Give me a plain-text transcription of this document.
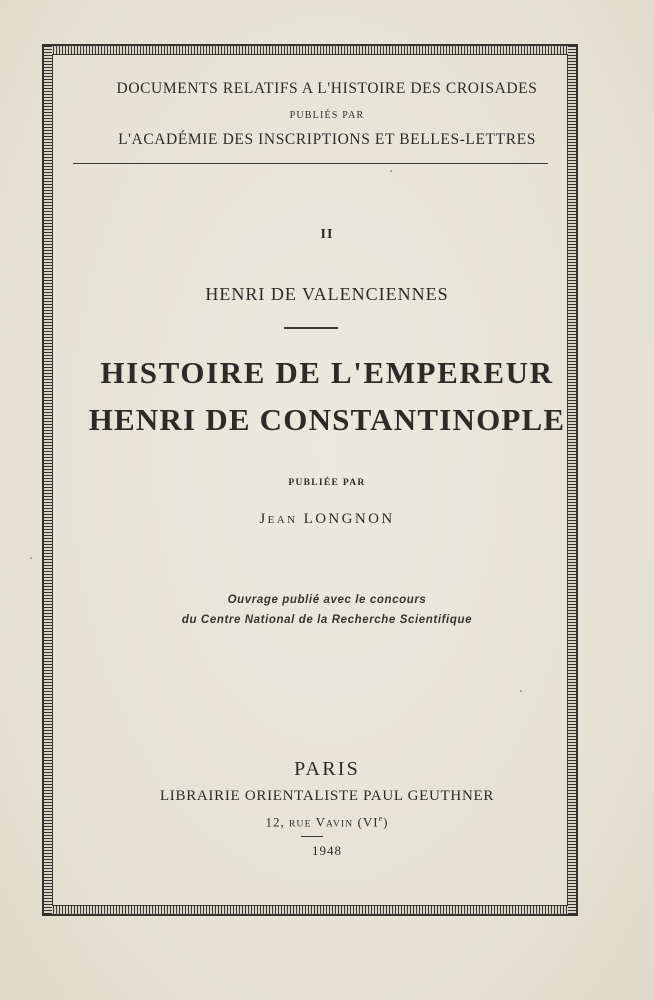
DOCUMENTS RELATIFS A L'HISTOIRE DES CROISADES
PUBLIÉS PAR
L'ACADÉMIE DES INSCRIPTIONS ET BELLES-LETTRES
II
HENRI DE VALENCIENNES
HISTOIRE DE L'EMPEREUR
HENRI DE CONSTANTINOPLE
PUBLIÉE PAR
JEAN LONGNON
Ouvrage publié avec le concours
du Centre National de la Recherche Scientifique
PARIS
LIBRAIRIE ORIENTALISTE PAUL GEUTHNER
12, RUE VAVIN (VIe)
1948
